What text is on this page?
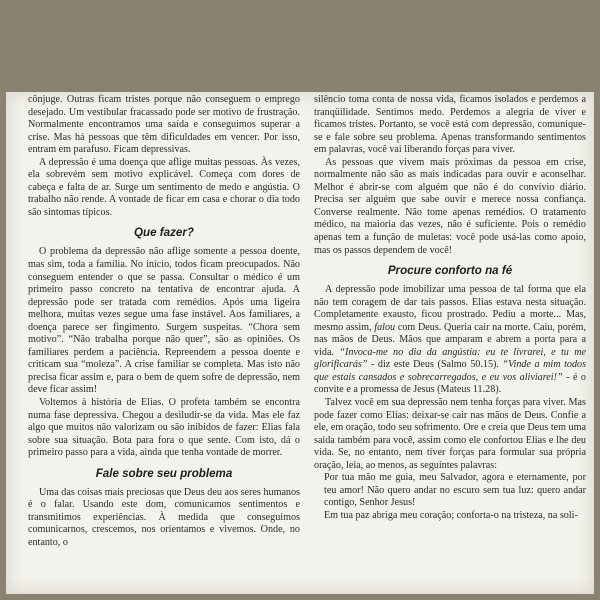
cônjuge. Outras ficam tristes porque não conseguem o emprego desejado. Um vestibular fracassado pode ser motivo de frustração. Normalmente encontramos uma saída e conseguimos superar a crise. Mas há pessoas que têm dificuldades em vencer. Por isso, entram em parafuso. Ficam depressivas.

A depressão é uma doença que aflige muitas pessoas. Às vezes, ela sobrevém sem motivo explicável. Começa com dores de cabeça e falta de ar. Surge um sentimento de medo e angústia. O trabalho não rende. A vontade de ficar em casa e chorar o dia todo são sintomas típicos.

Que fazer?

O problema da depressão não aflige somente a pessoa doente, mas sim, toda a família. No início, todos ficam preocupados. Não conseguem entender o que se passa. Consultar o médico é um primeiro passo concreto na tentativa de encontrar ajuda. A depressão pode ser tratada com remédios. Após uma ligeira melhora, muitas vezes segue uma fase instável. Aos familiares, a doença parece ser fingimento. Surgem suspeitas. “Chora sem motivo”. “Não trabalha porque não quer”, são as opiniões. Os familiares perdem a paciência. Repreendem a pessoa doente e criticam sua “moleza”. A crise familiar se completa. Mas isto não precisa ficar assim e, para o bem de quem sofre de depressão, nem deve ficar assim!

Voltemos à história de Elias. O profeta também se encontra numa fase depressiva. Chegou a desiludir-se da vida. Mas ele faz algo que muitos não valorizam ou são inibidos de fazer: Elias fala sobre sua situação. Bota para fora o que sente. Com isto, dá o primeiro passo para a vida, ainda que tenha vontade de morrer.

Fale sobre seu problema

Uma das coisas mais preciosas que Deus deu aos seres humanos é o falar. Usando este dom, comunicamos sentimentos e transmitimos experiências. À medida que conseguimos comunicarnos, crescemos, nos orientamos e vivemos. Onde, no entanto, o

silêncio toma conta de nossa vida, ficamos isolados e perdemos a tranqüilidade. Sentimos medo. Perdemos a alegria de viver e ficamos tristes. Portanto, se você está com depressão, comunique-se e fale sobre seu problema. Apenas transformando sentimentos em palavras, você vai liberando forças para viver.

As pessoas que vivem mais próximas da pessoa em crise, normalmente não são as mais indicadas para ouvir e aconselhar. Melhor é abrir-se com alguém que não é do convívio diário. Precisa ser alguém que sabe ouvir e merece nossa confiança. Converse realmente. Não tome apenas remédios. O tratamento médico, na maioria das vezes, não é suficiente. Pois o remédio apenas tem a função de muletas: você pode usá-las como apoio, mas os passos dependem de você!

Procure conforto na fé

A depressão pode imobilizar uma pessoa de tal forma que ela não tem coragem de dar tais passos. Elias estava nesta situação. Completamente exausto, ficou prostrado. Pediu a morte... Mas, mesmo assim, falou com Deus. Queria cair na morte. Caiu, porém, nas mãos de Deus. Mãos que amparam e abrem a porta para a vida. “Invoca-me no dia da angústia: eu te livrarei, e tu me glorificarás” - diz este Deus (Salmo 50.15). “Vinde a mim todos que estais cansados e sobrecarregados, e eu vos aliviarei!” - é o convite e a promessa de Jesus (Mateus 11.28).

Talvez você em sua depressão nem tenha forças para viver. Mas pode fazer como Elias: deixar-se cair nas mãos de Deus. Confie a ele, em oração, todo seu sofrimento. Ore e creia que Deus tem uma saída também para você, assim como ele confortou Elias e lhe deu vida. Se, no entanto, nem tiver forças para formular sua própria oração, leia, ao menos, as seguintes palavras:

Por tua mão me guia, meu Salvador, agora e eternamente, por teu amor! Não quero andar no escuro sem tua luz: quero andar contigo, Senhor Jesus!

Em tua paz abriga meu coração; conforta-o na tristeza, na soli-
